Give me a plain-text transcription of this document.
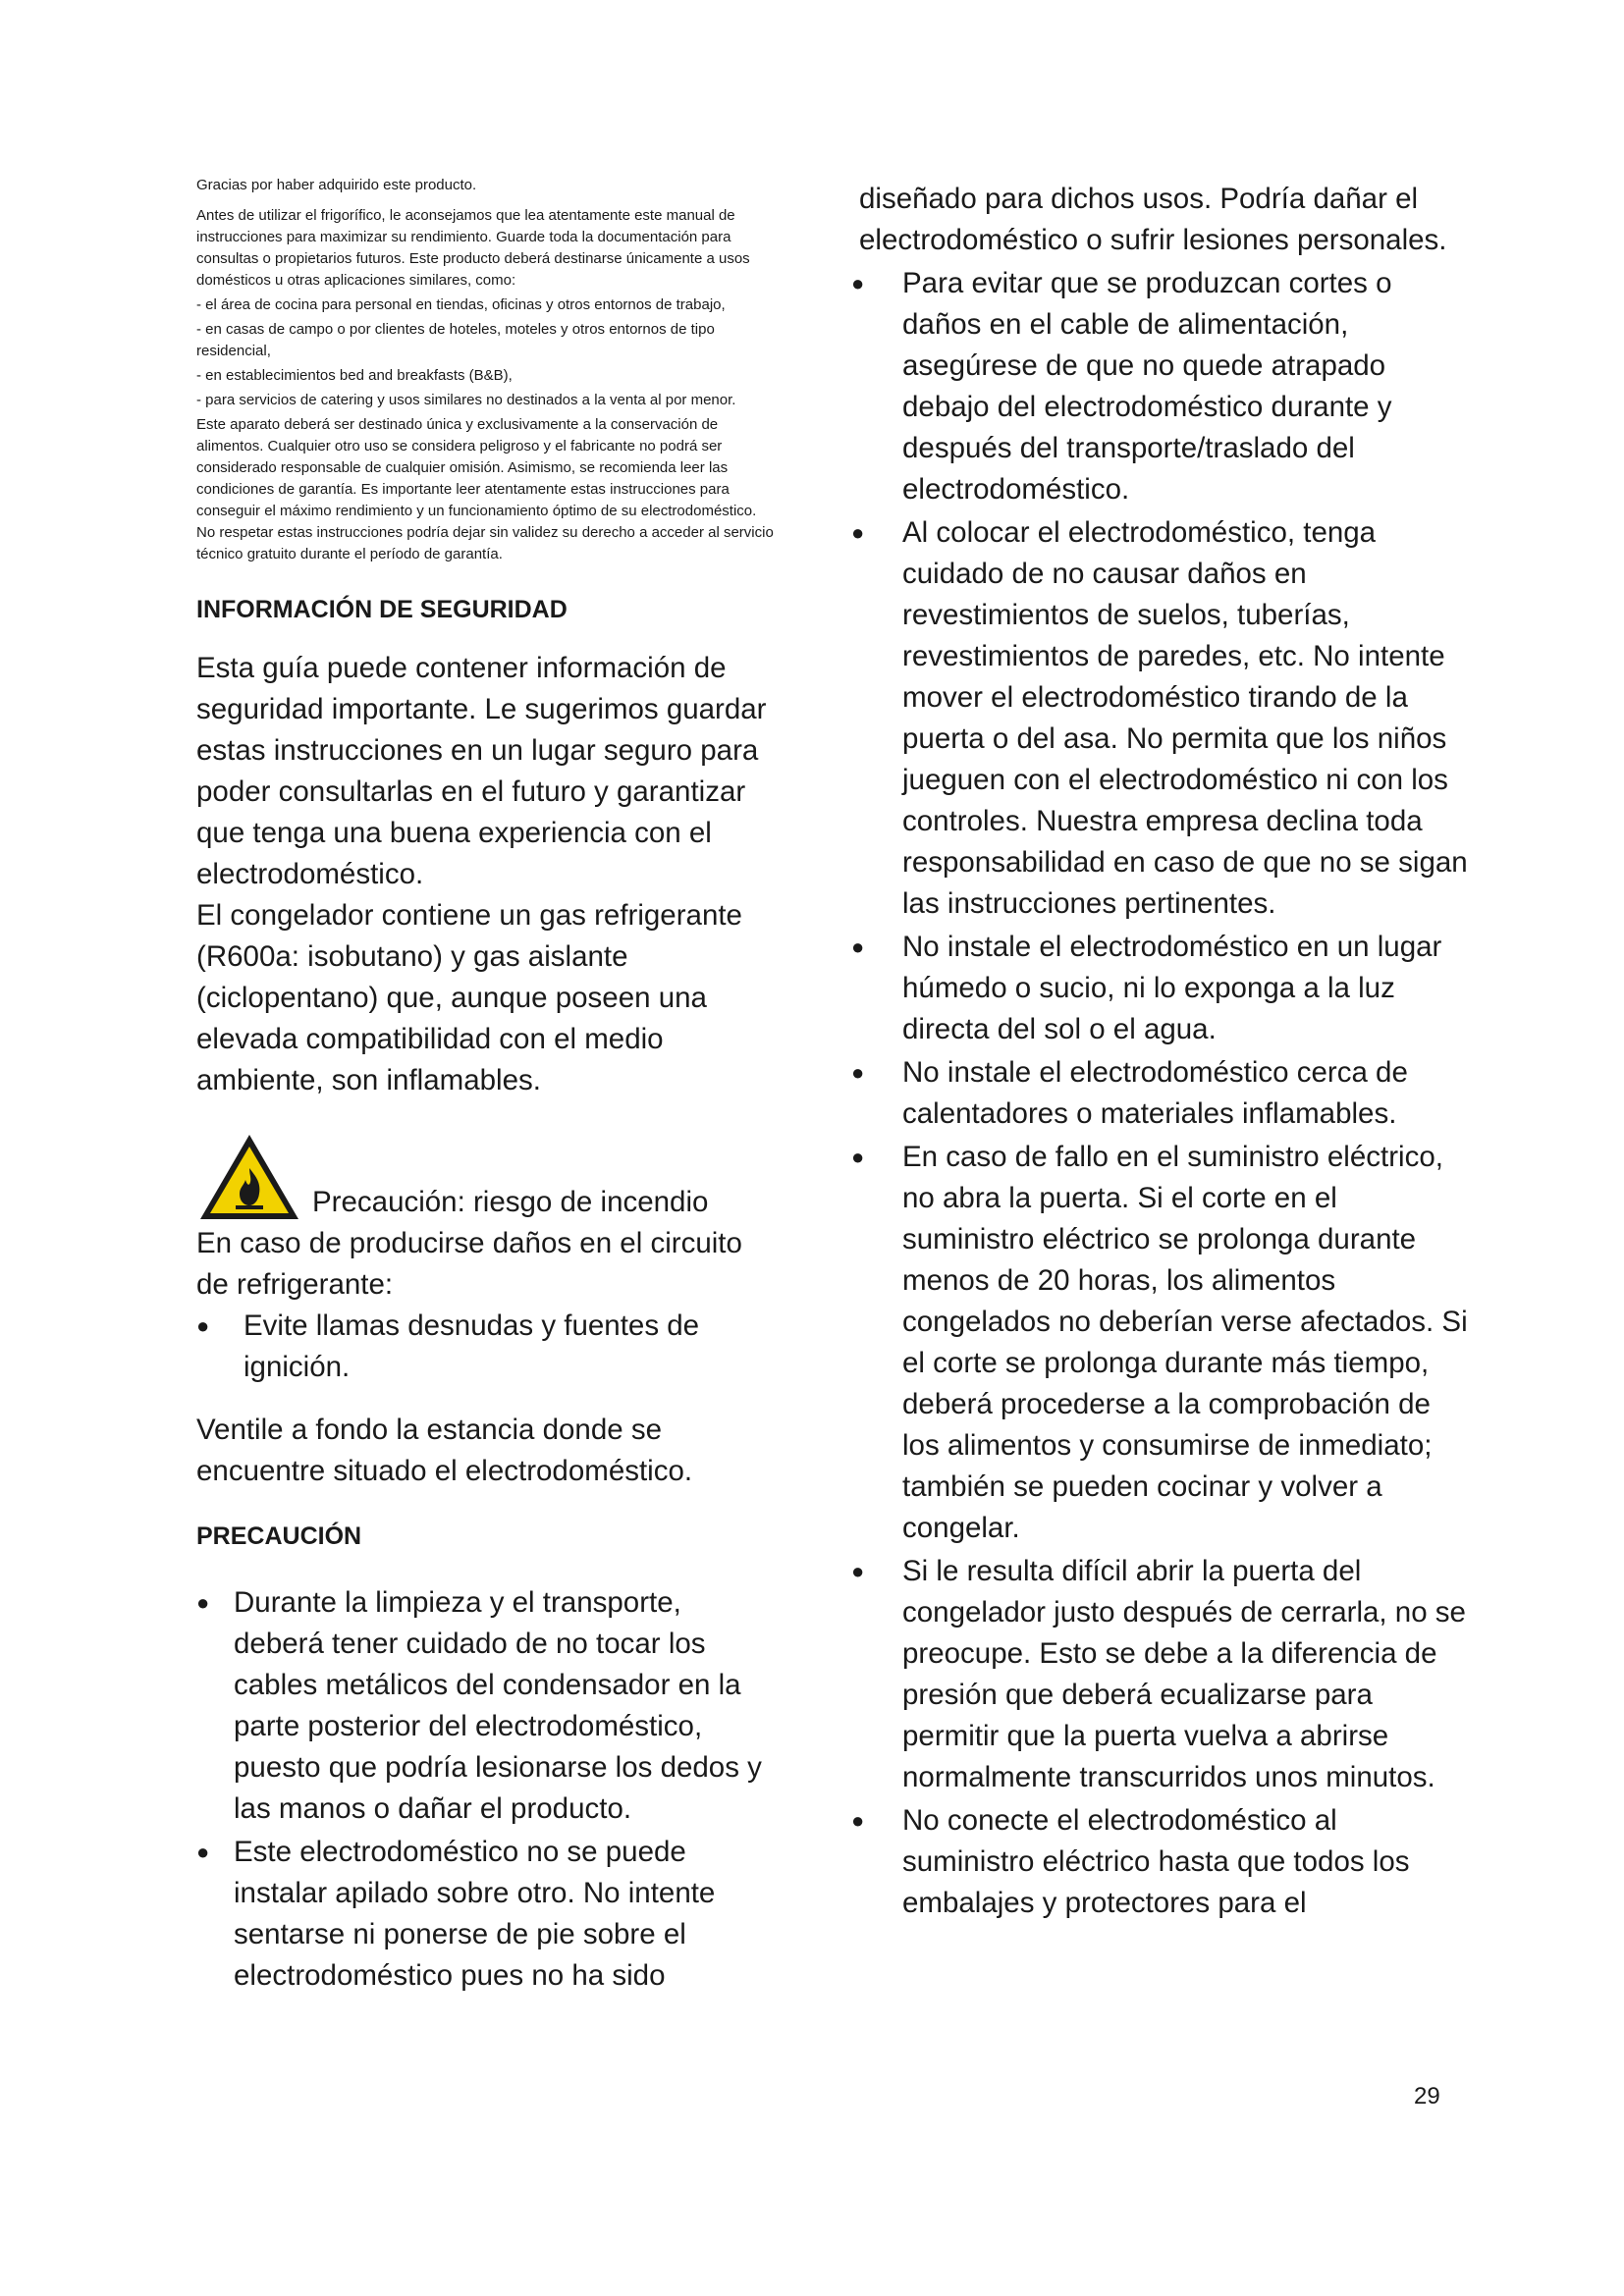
Gracias por haber adquirido este producto.

Antes de utilizar el frigorífico, le aconsejamos que lea atentamente este manual de instrucciones para maximizar su rendimiento. Guarde toda la documentación para consultas o propietarios futuros. Este producto deberá destinarse únicamente a usos domésticos u otras aplicaciones similares, como:

- el área de cocina para personal en tiendas, oficinas y otros entornos de trabajo,

- en casas de campo o por clientes de hoteles, moteles y otros entornos de tipo residencial,

- en establecimientos bed and breakfasts (B&B),

- para servicios de catering y usos similares no destinados a la venta al por menor.

Este aparato deberá ser destinado única y exclusivamente a la conservación de alimentos. Cualquier otro uso se considera peligroso y el fabricante no podrá ser considerado responsable de cualquier omisión. Asimismo, se recomienda leer las condiciones de garantía. Es importante leer atentamente estas instrucciones para conseguir el máximo rendimiento y un funcionamiento óptimo de su electrodoméstico. No respetar estas instrucciones podría dejar sin validez su derecho a acceder al servicio técnico gratuito durante el período de garantía.

INFORMACIÓN DE SEGURIDAD

Esta guía puede contener información de seguridad importante. Le sugerimos guardar estas instrucciones en un lugar seguro para poder consultarlas en el futuro y garantizar que tenga una buena experiencia con el electrodoméstico.

El congelador contiene un gas refrigerante (R600a: isobutano) y gas aislante (ciclopentano) que, aunque poseen una elevada compatibilidad con el medio ambiente, son inflamables.

Precaución: riesgo de incendio

En caso de producirse daños en el circuito de refrigerante:

●	Evite llamas desnudas y fuentes de ignición.

Ventile a fondo la estancia donde se encuentre situado el electrodoméstico.

PRECAUCIÓN
● Durante la limpieza y el transporte, deberá tener cuidado de no tocar los cables metálicos del condensador en la parte posterior del electrodoméstico, puesto que podría lesionarse los dedos y las manos o dañar el producto.
● Este electrodoméstico no se puede instalar apilado sobre otro. No intente sentarse ni ponerse de pie sobre el electrodoméstico pues no ha sido

diseñado para dichos usos. Podría dañar el electrodoméstico o sufrir lesiones personales.

● Para evitar que se produzcan cortes o daños en el cable de alimentación, asegúrese de que no quede atrapado debajo del electrodoméstico durante y después del transporte/traslado del electrodoméstico.
● Al colocar el electrodoméstico, tenga cuidado de no causar daños en revestimientos de suelos, tuberías, revestimientos de paredes, etc. No intente mover el electrodoméstico tirando de la puerta o del asa. No permita que los niños jueguen con el electrodoméstico ni con los controles. Nuestra empresa declina toda responsabilidad en caso de que no se sigan las instrucciones pertinentes.
● No instale el electrodoméstico en un lugar húmedo o sucio, ni lo exponga a la luz directa del sol o el agua.
● No instale el electrodoméstico cerca de calentadores o materiales inflamables.
● En caso de fallo en el suministro eléctrico, no abra la puerta. Si el corte en el suministro eléctrico se prolonga durante menos de 20 horas, los alimentos congelados no deberían verse afectados. Si el corte se prolonga durante más tiempo, deberá procederse a la comprobación de los alimentos y consumirse de inmediato; también se pueden cocinar y volver a congelar.
● Si le resulta difícil abrir la puerta del congelador justo después de cerrarla, no se preocupe. Esto se debe a la diferencia de presión que deberá ecualizarse para permitir que la puerta vuelva a abrirse normalmente transcurridos unos minutos.
● No conecte el electrodoméstico al suministro eléctrico hasta que todos los embalajes y protectores para el
29
